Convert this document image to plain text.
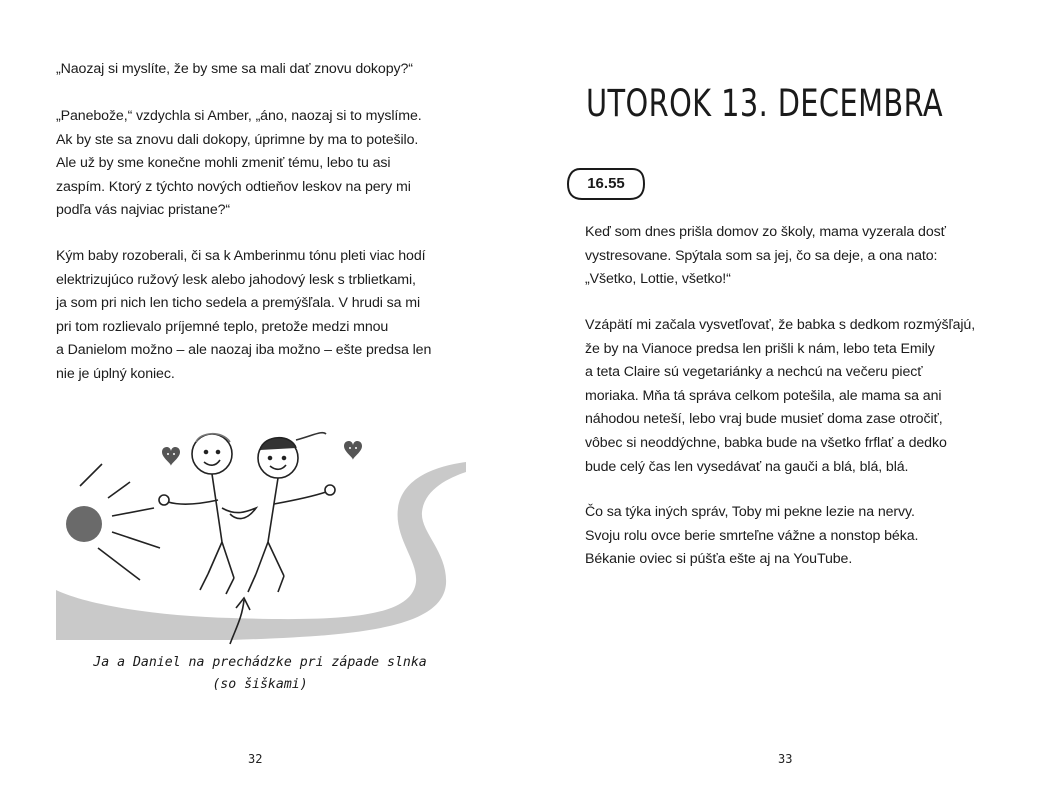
„Naozaj si myslíte, že by sme sa mali dať znovu dokopy?“

„Panebože,“ vzdychla si Amber, „áno, naozaj si to myslíme.
Ak by ste sa znovu dali dokopy, úprimne by ma to potešilo.
Ale už by sme konečne mohli zmeniť tému, lebo tu asi
zaspím. Ktorý z týchto nových odtieňov leskov na pery mi
podľa vás najviac pristane?“

Kým baby rozoberali, či sa k Amberinmu tónu pleti viac hodí
elektrizujúco ružový lesk alebo jahodový lesk s trblietkami,
ja som pri nich len ticho sedela a premýšľala. V hrudi sa mi
pri tom rozlievalo príjemné teplo, pretože medzi mnou
a Danielom možno – ale naozaj iba možno – ešte predsa len
nie je úplný koniec.

Ja a Daniel na prechádzke pri západe slnka
(so šiškami)
32	33
UTOROK 13. DECEMBRA
16.55

Keď som dnes prišla domov zo školy, mama vyzerala dosť
vystresovane. Spýtala som sa jej, čo sa deje, a ona nato:
„Všetko, Lottie, všetko!“

Vzápätí mi začala vysvetľovať, že babka s dedkom rozmýšľajú,
že by na Vianoce predsa len prišli k nám, lebo teta Emily
a teta Claire sú vegetariánky a nechcú na večeru piecť
moriaka. Mňa tá správa celkom potešila, ale mama sa ani
náhodou neteší, lebo vraj bude musieť doma zase otročiť,
vôbec si neoddýchne, babka bude na všetko frflať a dedko
bude celý čas len vysedávať na gauči a blá, blá, blá.

Čo sa týka iných správ, Toby mi pekne lezie na nervy.
Svoju rolu ovce berie smrteľne vážne a nonstop béka.
Békanie oviec si púšťa ešte aj na YouTube.
